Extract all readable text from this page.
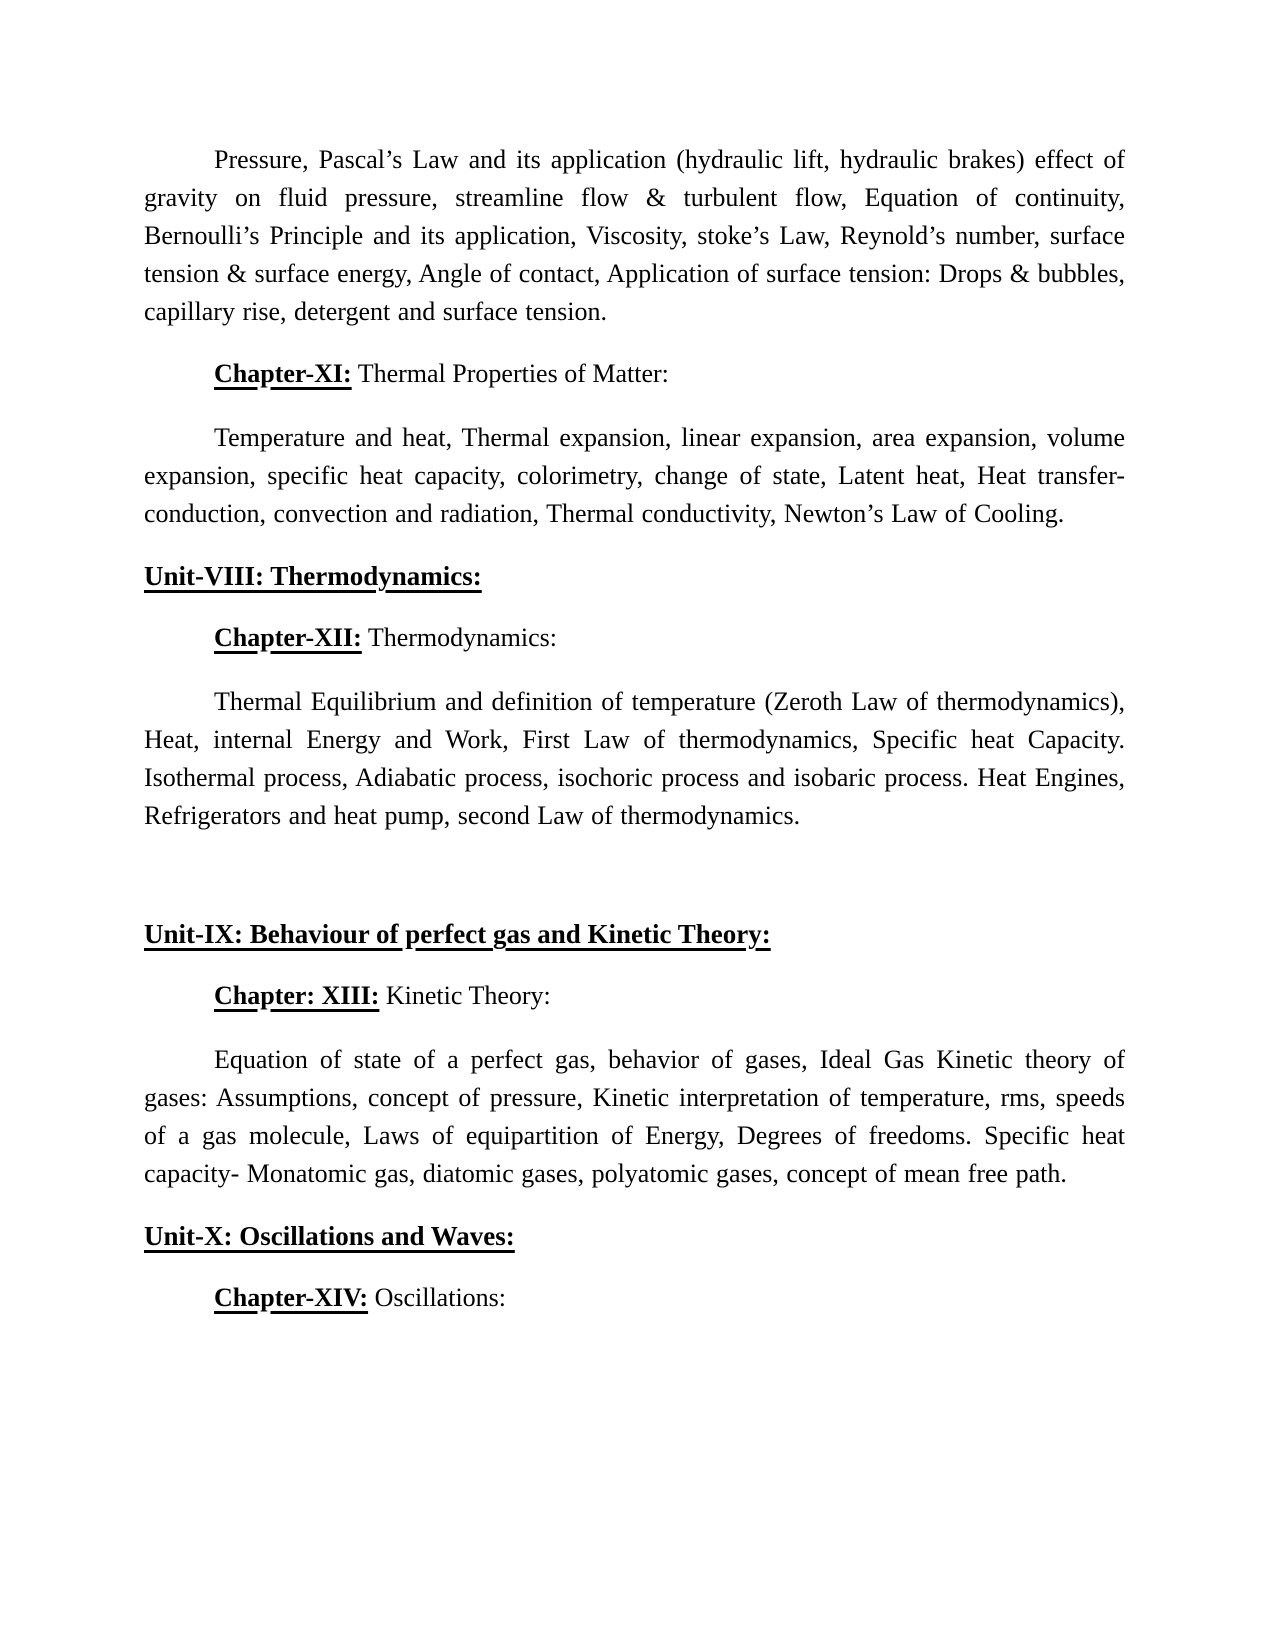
Pressure, Pascal’s Law and its application (hydraulic lift, hydraulic brakes) effect of gravity on fluid pressure, streamline flow & turbulent flow, Equation of continuity, Bernoulli’s Principle and its application, Viscosity, stoke’s Law, Reynold’s number, surface tension & surface energy, Angle of contact, Application of surface tension: Drops & bubbles, capillary rise, detergent and surface tension.

Chapter-XI: Thermal Properties of Matter:

Temperature and heat, Thermal expansion, linear expansion, area expansion, volume expansion, specific heat capacity, colorimetry, change of state, Latent heat, Heat transfer- conduction, convection and radiation, Thermal conductivity, Newton’s Law of Cooling.

Unit-VIII: Thermodynamics:

Chapter-XII: Thermodynamics:

Thermal Equilibrium and definition of temperature (Zeroth Law of thermodynamics), Heat, internal Energy and Work, First Law of thermodynamics, Specific heat Capacity. Isothermal process, Adiabatic process, isochoric process and isobaric process. Heat Engines, Refrigerators and heat pump, second Law of thermodynamics.

Unit-IX: Behaviour of perfect gas and Kinetic Theory:

Chapter: XIII: Kinetic Theory:

Equation of state of a perfect gas, behavior of gases, Ideal Gas Kinetic theory of gases: Assumptions, concept of pressure, Kinetic interpretation of temperature, rms, speeds of a gas molecule, Laws of equipartition of Energy, Degrees of freedoms. Specific heat capacity- Monatomic gas, diatomic gases, polyatomic gases, concept of mean free path.

Unit-X: Oscillations and Waves:

Chapter-XIV: Oscillations:
